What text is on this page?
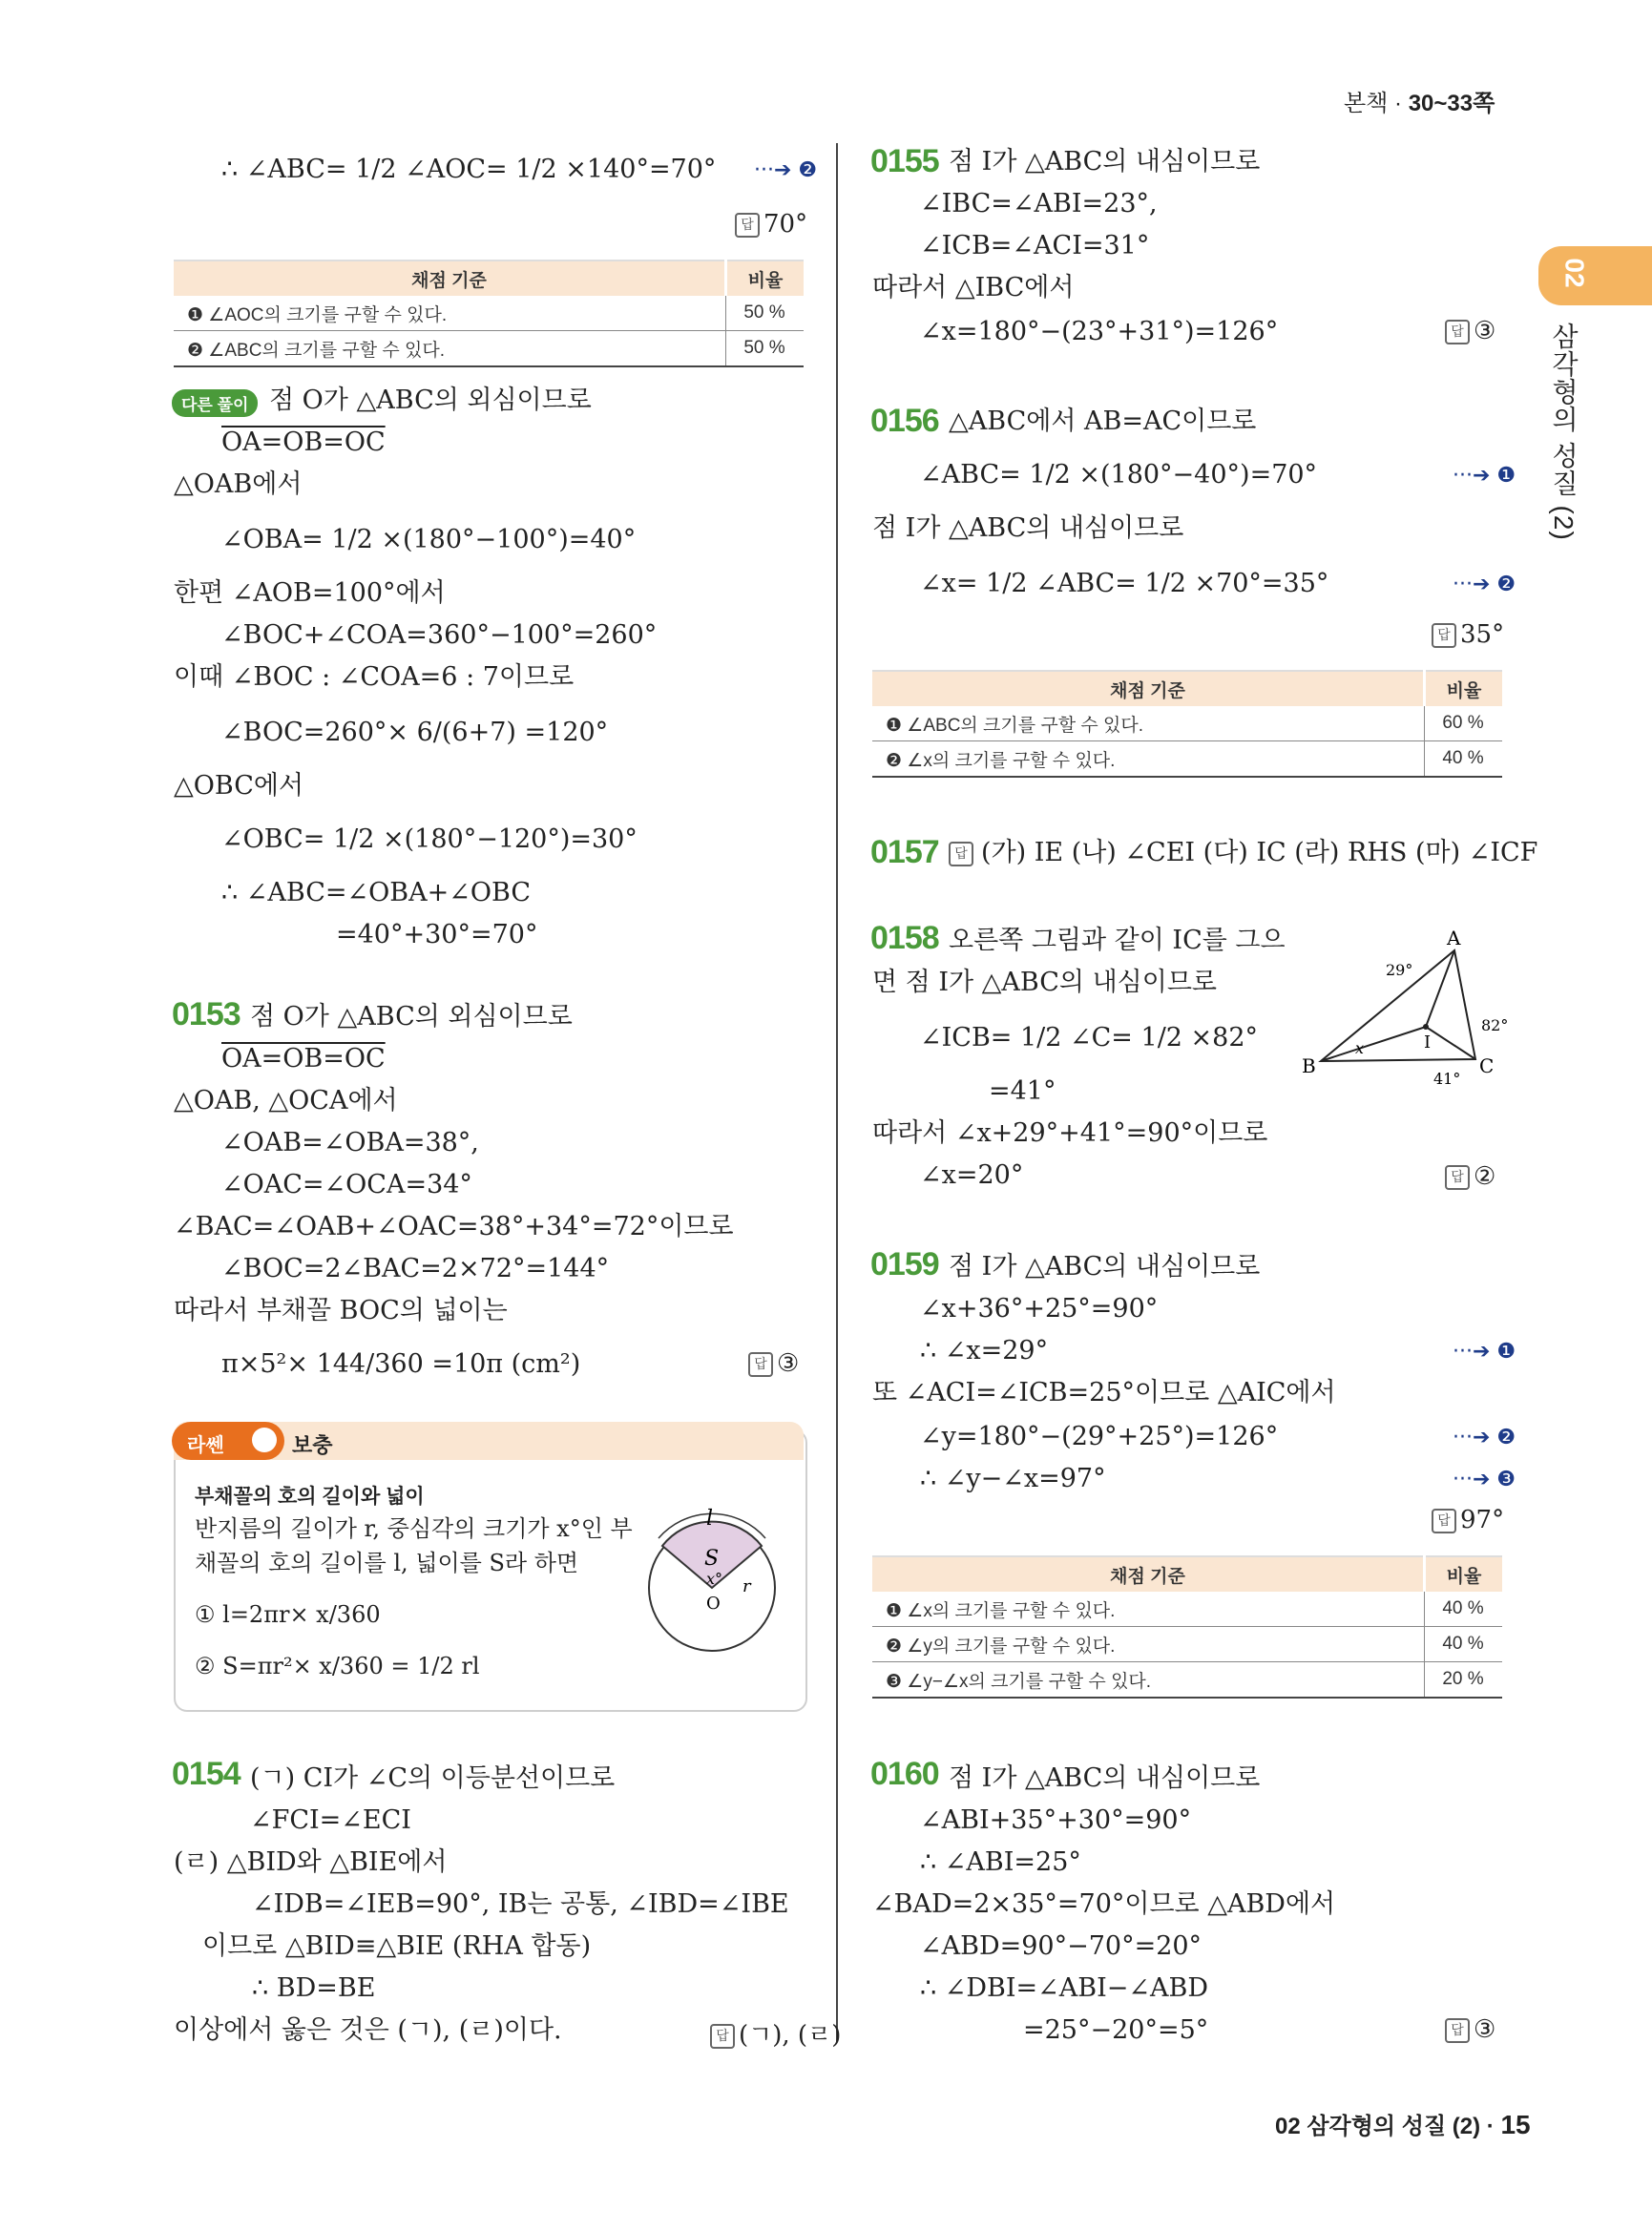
본책 · 30~33쪽
02
삼각형의 성질 (2)
∴ ∠ABC= 1/2 ∠AOC= 1/2 ×140°=70° ···➔ ❷
답 70°
채점 기준	비율
❶ ∠AOC의 크기를 구할 수 있다.	50 %
❷ ∠ABC의 크기를 구할 수 있다.	50 %
다른 풀이 점 O가 △ABC의 외심이므로
OA=OB=OC
△OAB에서
∠OBA= 1/2 ×(180°−100°)=40°
한편 ∠AOB=100°에서
∠BOC+∠COA=360°−100°=260°
이때 ∠BOC : ∠COA=6 : 7이므로
∠BOC=260°× 6/(6+7) =120°
△OBC에서
∠OBC= 1/2 ×(180°−120°)=30°
∴ ∠ABC=∠OBA+∠OBC
=40°+30°=70°
0153 점 O가 △ABC의 외심이므로
OA=OB=OC
△OAB, △OCA에서
∠OAB=∠OBA=38°,
∠OAC=∠OCA=34°
∠BAC=∠OAB+∠OAC=38°+34°=72°이므로
∠BOC=2∠BAC=2×72°=144°
따라서 부채꼴 BOC의 넓이는
π×5²× 144/360 =10π (cm²)	답 ③
라쎈	보충
부채꼴의 호의 길이와 넓이
반지름의 길이가 r, 중심각의 크기가 x°인 부
채꼴의 호의 길이를 l, 넓이를 S라 하면
① l=2πr× x/360
② S=πr²× x/360 = 1/2 rl
l
S
x° r
O
0154 (ㄱ) CI가 ∠C의 이등분선이므로
∠FCI=∠ECI
(ㄹ) △BID와 △BIE에서
∠IDB=∠IEB=90°, IB는 공통, ∠IBD=∠IBE
이므로 △BID≡△BIE (RHA 합동)
∴ BD=BE
이상에서 옳은 것은 (ㄱ), (ㄹ)이다.	답 (ㄱ), (ㄹ)
0155 점 I가 △ABC의 내심이므로
∠IBC=∠ABI=23°,
∠ICB=∠ACI=31°
따라서 △IBC에서
∠x=180°−(23°+31°)=126°	답 ③
0156 △ABC에서 AB=AC이므로
∠ABC= 1/2 ×(180°−40°)=70°	···➔ ❶
점 I가 △ABC의 내심이므로
∠x= 1/2 ∠ABC= 1/2 ×70°=35°	···➔ ❷
답 35°
채점 기준	비율
❶ ∠ABC의 크기를 구할 수 있다.	60 %
❷ ∠x의 크기를 구할 수 있다.	40 %
0157	답 (가) IE (나) ∠CEI (다) IC (라) RHS (마) ∠ICF
0158 오른쪽 그림과 같이 IC를 그으
면 점 I가 △ABC의 내심이므로
∠ICB= 1/2 ∠C= 1/2 ×82°
=41°
따라서 ∠x+29°+41°=90°이므로
∠x=20°	답 ②
A
B	C
I
29°
82°
41°
x
0159 점 I가 △ABC의 내심이므로
∠x+36°+25°=90°
∴ ∠x=29°	···➔ ❶
또 ∠ACI=∠ICB=25°이므로 △AIC에서
∠y=180°−(29°+25°)=126°	···➔ ❷
∴ ∠y−∠x=97°	···➔ ❸
답 97°
채점 기준	비율
❶ ∠x의 크기를 구할 수 있다.	40 %
❷ ∠y의 크기를 구할 수 있다.	40 %
❸ ∠y−∠x의 크기를 구할 수 있다.	20 %
0160 점 I가 △ABC의 내심이므로
∠ABI+35°+30°=90°
∴ ∠ABI=25°
∠BAD=2×35°=70°이므로 △ABD에서
∠ABD=90°−70°=20°
∴ ∠DBI=∠ABI−∠ABD
=25°−20°=5°	답 ③
02 삼각형의 성질 (2) · 15
